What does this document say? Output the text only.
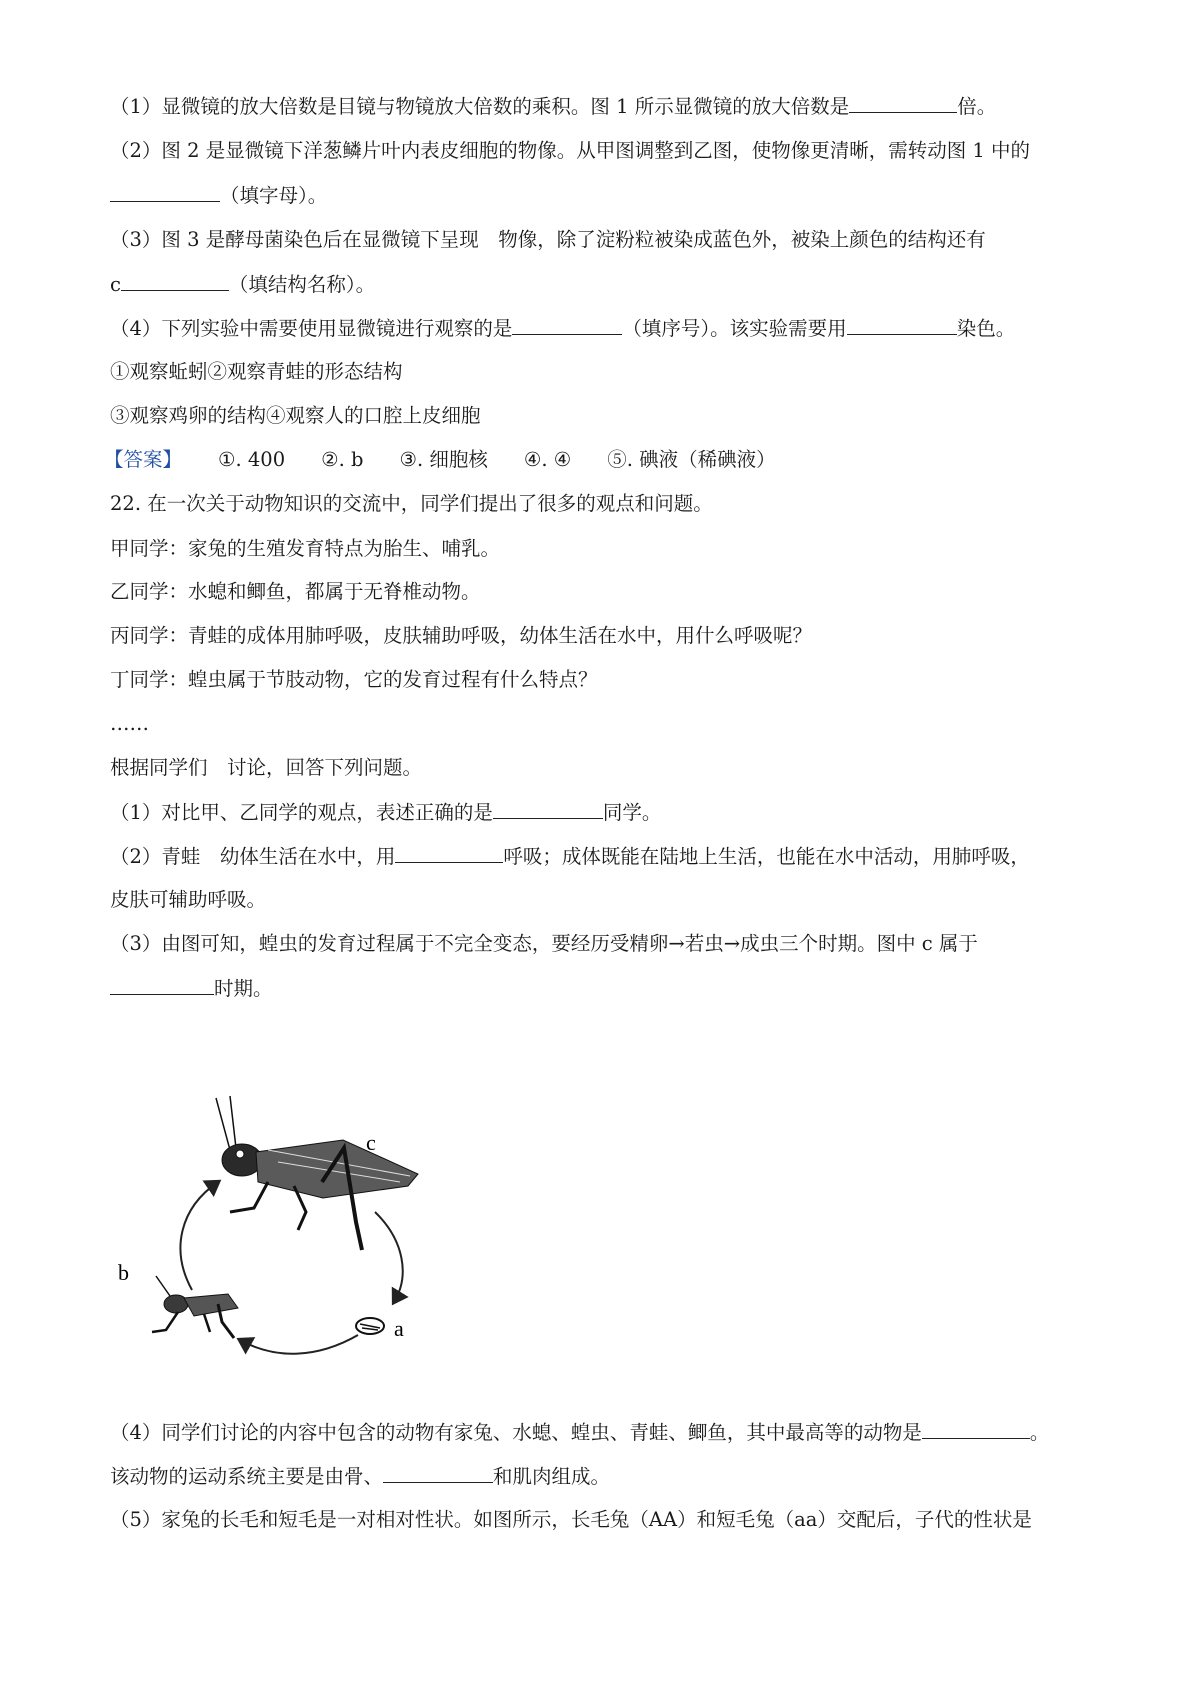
（1）显微镜的放大倍数是目镜与物镜放大倍数的乘积。图 1 所示显微镜的放大倍数是	倍。
（2）图 2 是显微镜下洋葱鳞片叶内表皮细胞的物像。从甲图调整到乙图，使物像更清晰，需转动图 1 中的
（填字母）。
（3）图 3 是酵母菌染色后在显微镜下呈现　物像，除了淀粉粒被染成蓝色外，被染上颜色的结构还有
c	（填结构名称）。
（4）下列实验中需要使用显微镜进行观察的是	（填序号）。该实验需要用	染色。
①观察蚯蚓②观察青蛙的形态结构
③观察鸡卵的结构④观察人的口腔上皮细胞
【答案】 ①. 400 ②. b ③. 细胞核 ④. ④ ⑤. 碘液（稀碘液）
22. 在一次关于动物知识的交流中，同学们提出了很多的观点和问题。
甲同学：家兔的生殖发育特点为胎生、哺乳。
乙同学：水螅和鲫鱼，都属于无脊椎动物。
丙同学：青蛙的成体用肺呼吸，皮肤辅助呼吸，幼体生活在水中，用什么呼吸呢？
丁同学：蝗虫属于节肢动物，它的发育过程有什么特点？
……
根据同学们　讨论，回答下列问题。
（1）对比甲、乙同学的观点，表述正确的是	同学。
（2）青蛙　幼体生活在水中，用	呼吸；成体既能在陆地上生活，也能在水中活动，用肺呼吸，
皮肤可辅助呼吸。
（3）由图可知，蝗虫的发育过程属于不完全变态，要经历受精卵→若虫→成虫三个时期。图中 c 属于
时期。
c
b
a
（4）同学们讨论的内容中包含的动物有家兔、水螅、蝗虫、青蛙、鲫鱼，其中最高等的动物是	。
该动物的运动系统主要是由骨、	和肌肉组成。
（5）家兔的长毛和短毛是一对相对性状。如图所示，长毛兔（AA）和短毛兔（aa）交配后，子代的性状是
